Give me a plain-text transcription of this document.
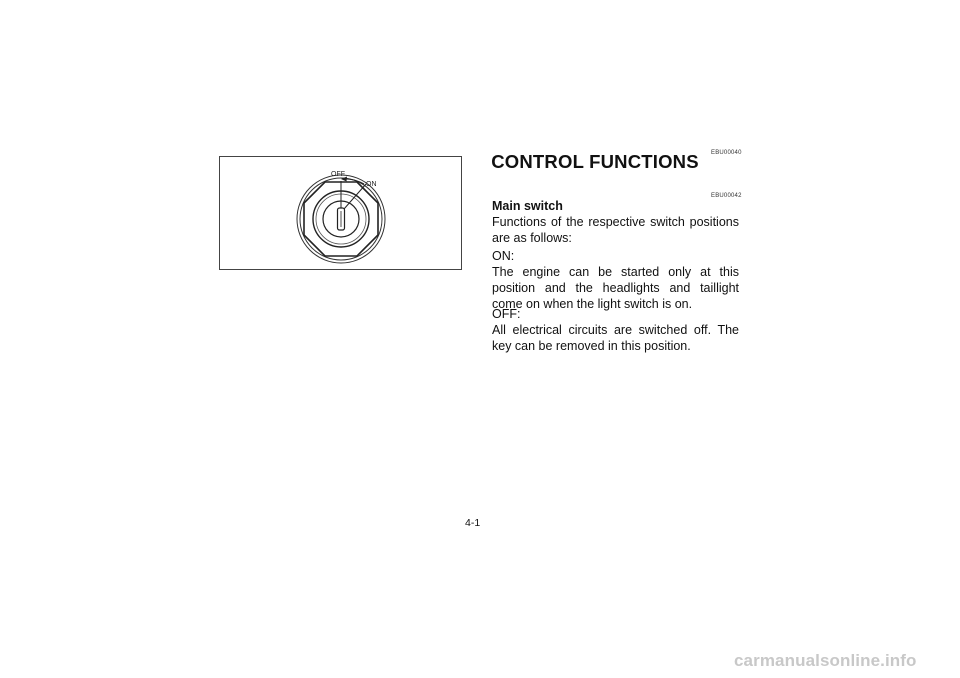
OFF
ON
EBU00040
CONTROL FUNCTIONS
EBU00042
Main switch
Functions of the respective switch positions are as follows:
ON:
The engine can be started only at this position and the headlights and taillight come on when the light switch is on.
OFF:
All electrical circuits are switched off. The key can be removed in this position.
4-1
carmanualsonline.info
